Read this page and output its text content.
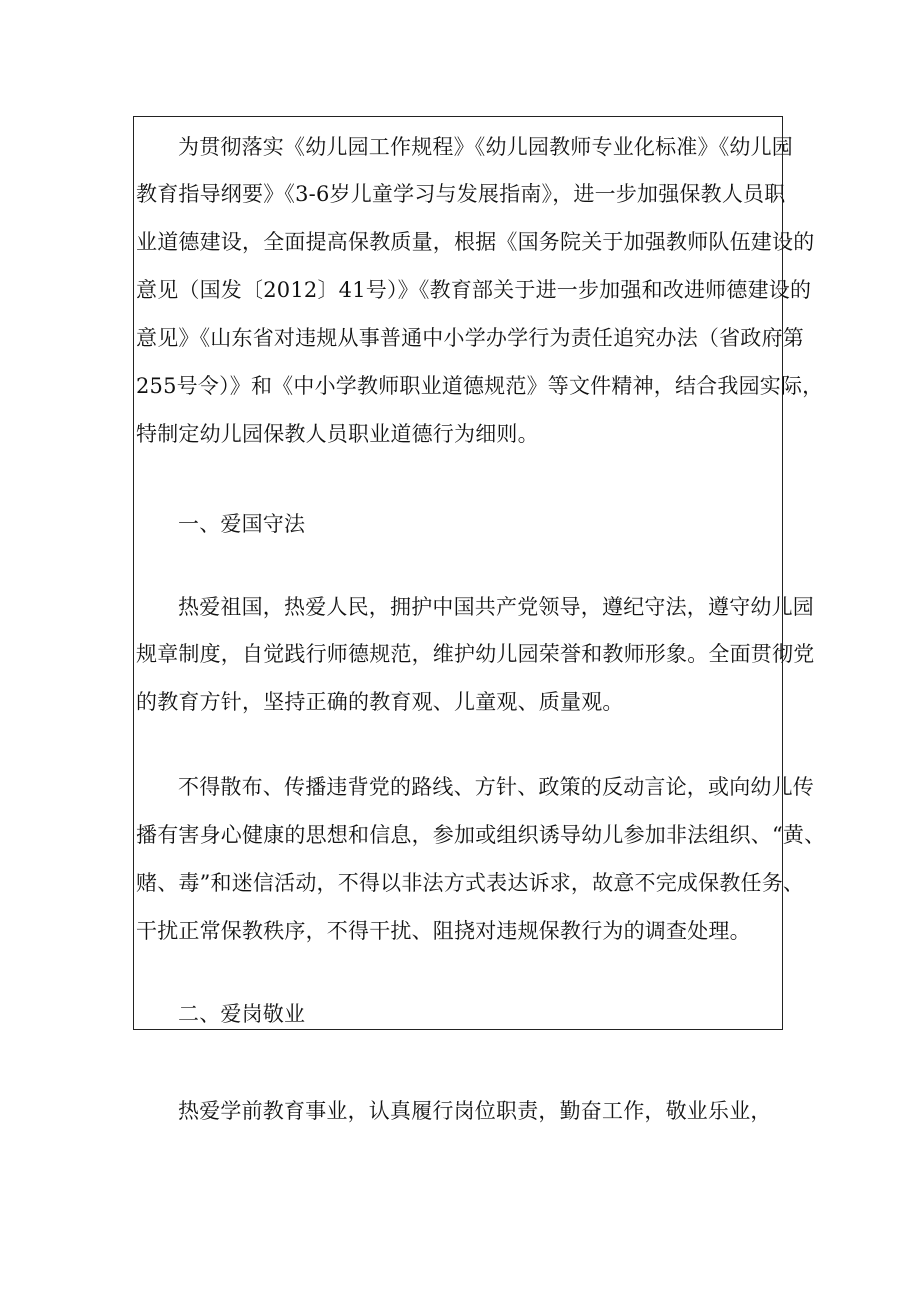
为贯彻落实《幼儿园工作规程》《幼儿园教师专业化标准》《幼儿园
教育指导纲要》《3-6岁儿童学习与发展指南》，进一步加强保教人员职
业道德建设，全面提高保教质量，根据《国务院关于加强教师队伍建设的
意见（国发〔2012〕41号）》《教育部关于进一步加强和改进师德建设的
意见》《山东省对违规从事普通中小学办学行为责任追究办法（省政府第
255号令）》和《中小学教师职业道德规范》等文件精神，结合我园实际，
特制定幼儿园保教人员职业道德行为细则。
一、爱国守法
热爱祖国，热爱人民，拥护中国共产党领导，遵纪守法，遵守幼儿园
规章制度，自觉践行师德规范，维护幼儿园荣誉和教师形象。全面贯彻党
的教育方针，坚持正确的教育观、儿童观、质量观。
不得散布、传播违背党的路线、方针、政策的反动言论，或向幼儿传
播有害身心健康的思想和信息，参加或组织诱导幼儿参加非法组织、“黄、
赌、毒”和迷信活动，不得以非法方式表达诉求，故意不完成保教任务、
干扰正常保教秩序，不得干扰、阻挠对违规保教行为的调查处理。
二、爱岗敬业
热爱学前教育事业，认真履行岗位职责，勤奋工作，敬业乐业，
